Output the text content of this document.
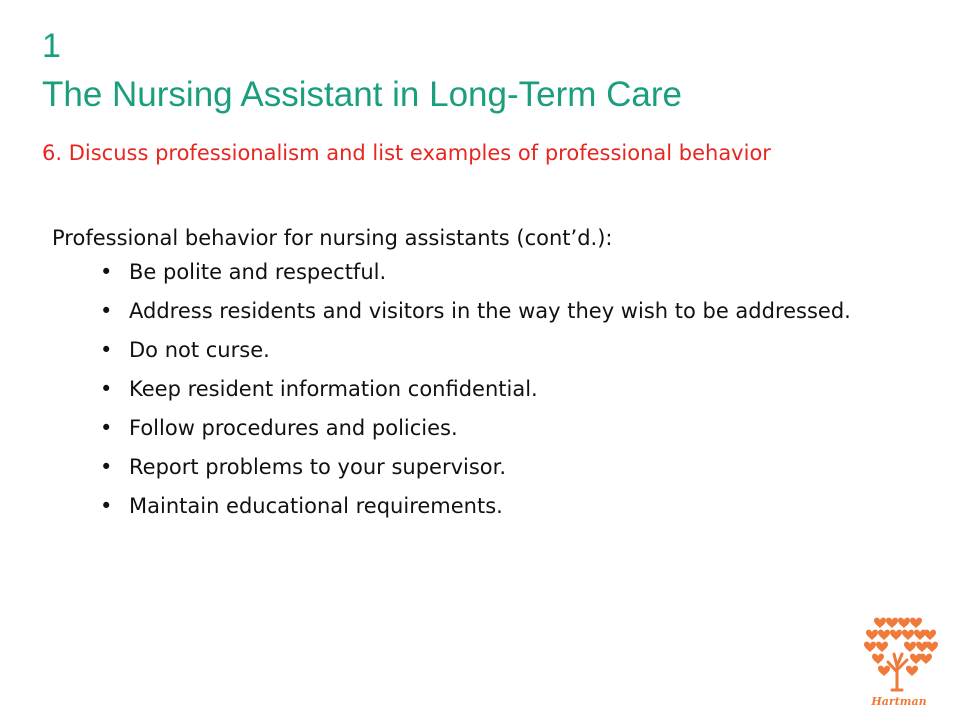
1
The Nursing Assistant in Long-Term Care
6. Discuss professionalism and list examples of professional behavior
Professional behavior for nursing assistants (cont’d.):
• Be polite and respectful.
• Address residents and visitors in the way they wish to be addressed.
• Do not curse.
• Keep resident information confidential.
• Follow procedures and policies.
• Report problems to your supervisor.
• Maintain educational requirements.
Hartman
